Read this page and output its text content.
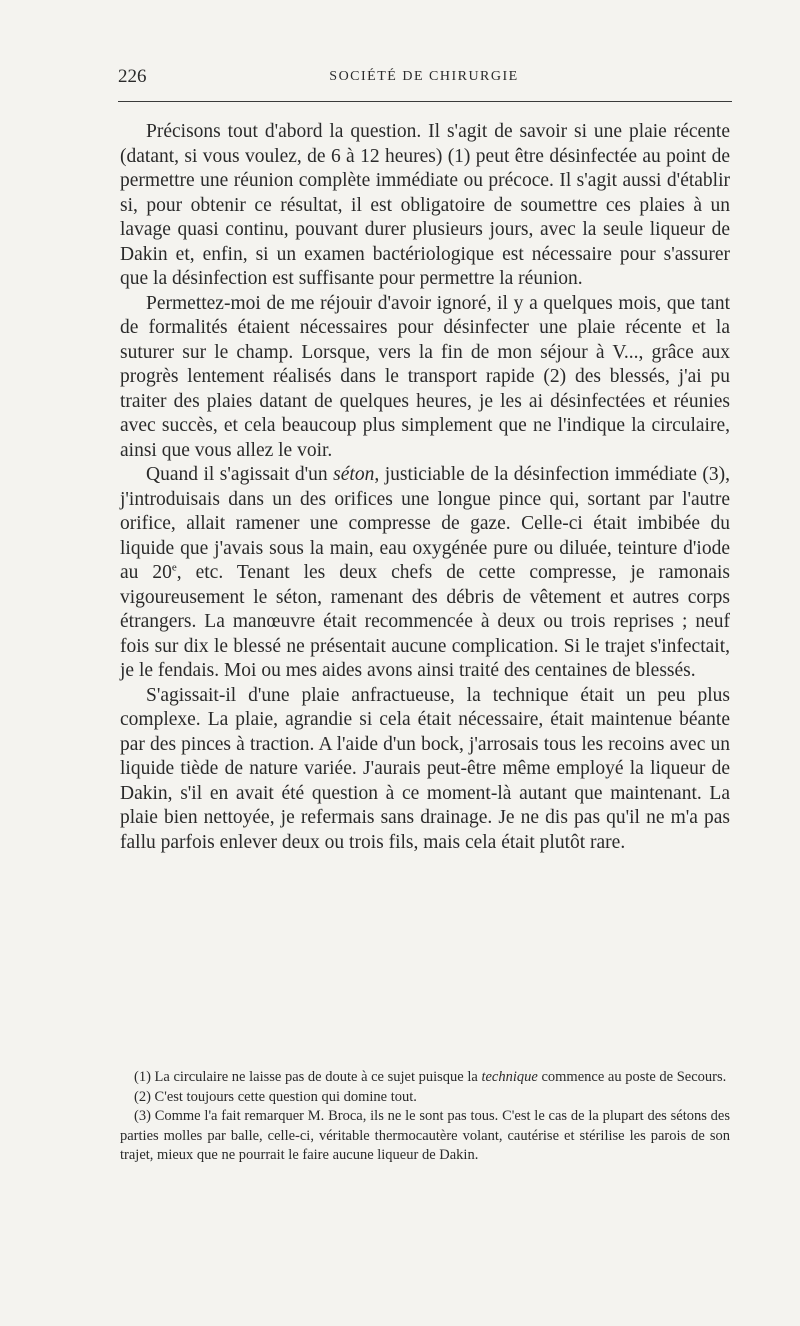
226	SOCIÉTÉ DE CHIRURGIE

Précisons tout d'abord la question. Il s'agit de savoir si une plaie récente (datant, si vous voulez, de 6 à 12 heures) (1) peut être désinfectée au point de permettre une réunion complète immédiate ou précoce. Il s'agit aussi d'établir si, pour obtenir ce résultat, il est obligatoire de soumettre ces plaies à un lavage quasi continu, pouvant durer plusieurs jours, avec la seule liqueur de Dakin et, enfin, si un examen bactériologique est nécessaire pour s'assurer que la désinfection est suffisante pour permettre la réunion.

Permettez-moi de me réjouir d'avoir ignoré, il y a quelques mois, que tant de formalités étaient nécessaires pour désinfecter une plaie récente et la suturer sur le champ. Lorsque, vers la fin de mon séjour à V..., grâce aux progrès lentement réalisés dans le transport rapide (2) des blessés, j'ai pu traiter des plaies datant de quelques heures, je les ai désinfectées et réunies avec succès, et cela beaucoup plus simplement que ne l'indique la circulaire, ainsi que vous allez le voir.

Quand il s'agissait d'un séton, justiciable de la désinfection immédiate (3), j'introduisais dans un des orifices une longue pince qui, sortant par l'autre orifice, allait ramener une compresse de gaze. Celle-ci était imbibée du liquide que j'avais sous la main, eau oxygénée pure ou diluée, teinture d'iode au 20e, etc. Tenant les deux chefs de cette compresse, je ramonais vigoureusement le séton, ramenant des débris de vêtement et autres corps étrangers. La manœuvre était recommencée à deux ou trois reprises ; neuf fois sur dix le blessé ne présentait aucune complication. Si le trajet s'infectait, je le fendais. Moi ou mes aides avons ainsi traité des centaines de blessés.

S'agissait-il d'une plaie anfractueuse, la technique était un peu plus complexe. La plaie, agrandie si cela était nécessaire, était maintenue béante par des pinces à traction. A l'aide d'un bock, j'arrosais tous les recoins avec un liquide tiède de nature variée. J'aurais peut-être même employé la liqueur de Dakin, s'il en avait été question à ce moment-là autant que maintenant. La plaie bien nettoyée, je refermais sans drainage. Je ne dis pas qu'il ne m'a pas fallu parfois enlever deux ou trois fils, mais cela était plutôt rare.

(1) La circulaire ne laisse pas de doute à ce sujet puisque la technique commence au poste de Secours.

(2) C'est toujours cette question qui domine tout.

(3) Comme l'a fait remarquer M. Broca, ils ne le sont pas tous. C'est le cas de la plupart des sétons des parties molles par balle, celle-ci, véritable thermocautère volant, cautérise et stérilise les parois de son trajet, mieux que ne pourrait le faire aucune liqueur de Dakin.
